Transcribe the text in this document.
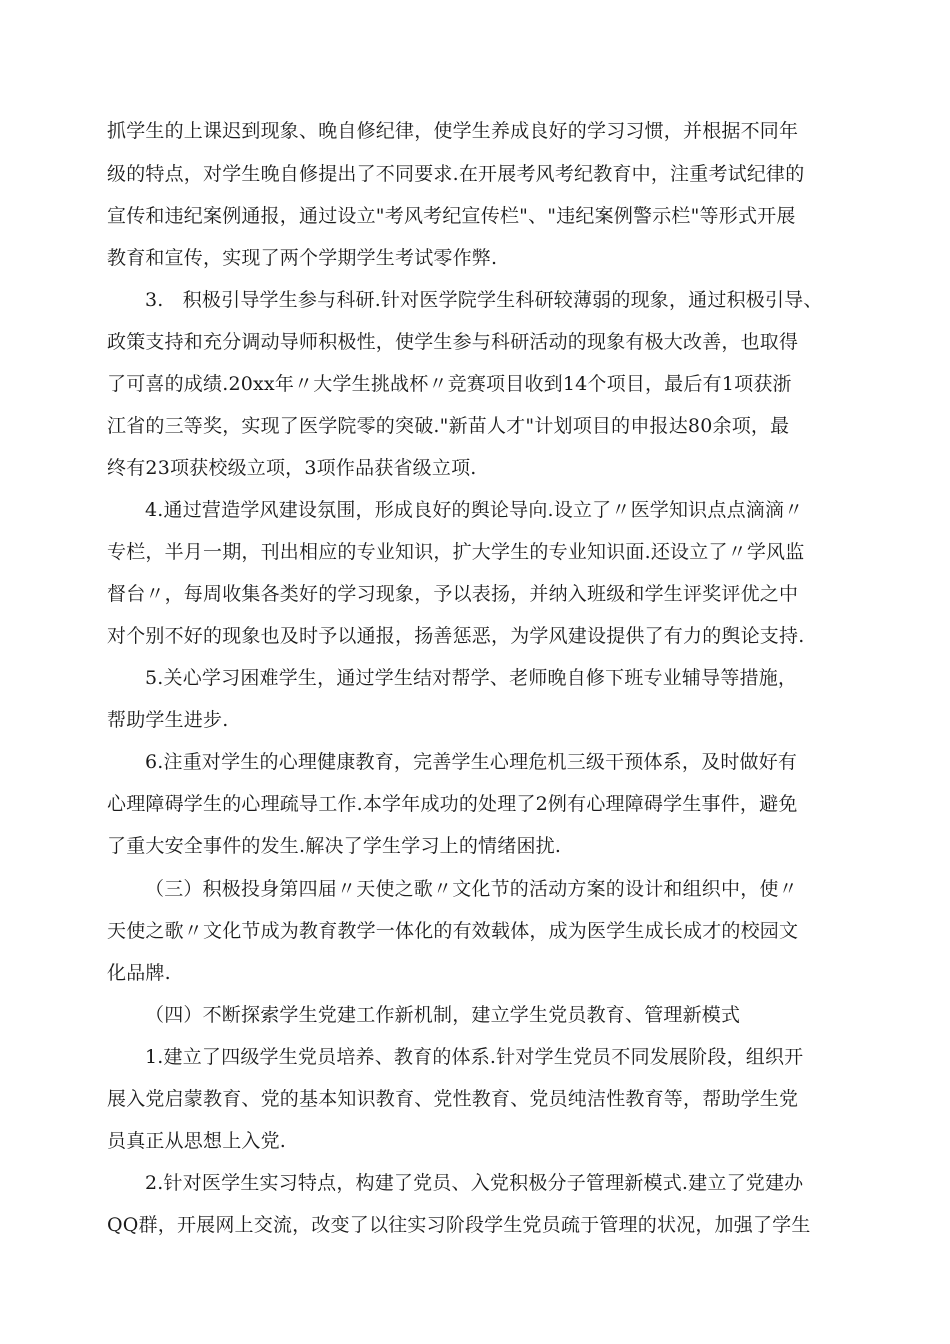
抓学生的上课迟到现象、晚自修纪律，使学生养成良好的学习习惯，并根据不同年
级的特点，对学生晚自修提出了不同要求.在开展考风考纪教育中，注重考试纪律的
宣传和违纪案例通报，通过设立"考风考纪宣传栏"、"违纪案例警示栏"等形式开展
教育和宣传，实现了两个学期学生考试零作弊.
3.　积极引导学生参与科研.针对医学院学生科研较薄弱的现象，通过积极引导、
政策支持和充分调动导师积极性，使学生参与科研活动的现象有极大改善，也取得
了可喜的成绩.20xx年〃大学生挑战杯〃竞赛项目收到14个项目，最后有1项获浙
江省的三等奖，实现了医学院零的突破."新苗人才"计划项目的申报达80余项，最
终有23项获校级立项，3项作品获省级立项.
4.通过营造学风建设氛围，形成良好的舆论导向.设立了〃医学知识点点滴滴〃
专栏，半月一期，刊出相应的专业知识，扩大学生的专业知识面.还设立了〃学风监
督台〃，每周收集各类好的学习现象，予以表扬，并纳入班级和学生评奖评优之中
对个别不好的现象也及时予以通报，扬善惩恶，为学风建设提供了有力的舆论支持.
5.关心学习困难学生，通过学生结对帮学、老师晚自修下班专业辅导等措施，
帮助学生进步.
6.注重对学生的心理健康教育，完善学生心理危机三级干预体系，及时做好有
心理障碍学生的心理疏导工作.本学年成功的处理了2例有心理障碍学生事件，避免
了重大安全事件的发生.解决了学生学习上的情绪困扰.
（三）积极投身第四届〃天使之歌〃文化节的活动方案的设计和组织中，使〃
天使之歌〃文化节成为教育教学一体化的有效载体，成为医学生成长成才的校园文
化品牌.
（四）不断探索学生党建工作新机制，建立学生党员教育、管理新模式
1.建立了四级学生党员培养、教育的体系.针对学生党员不同发展阶段，组织开
展入党启蒙教育、党的基本知识教育、党性教育、党员纯洁性教育等，帮助学生党
员真正从思想上入党.
2.针对医学生实习特点，构建了党员、入党积极分子管理新模式.建立了党建办
QQ群，开展网上交流，改变了以往实习阶段学生党员疏于管理的状况，加强了学生
